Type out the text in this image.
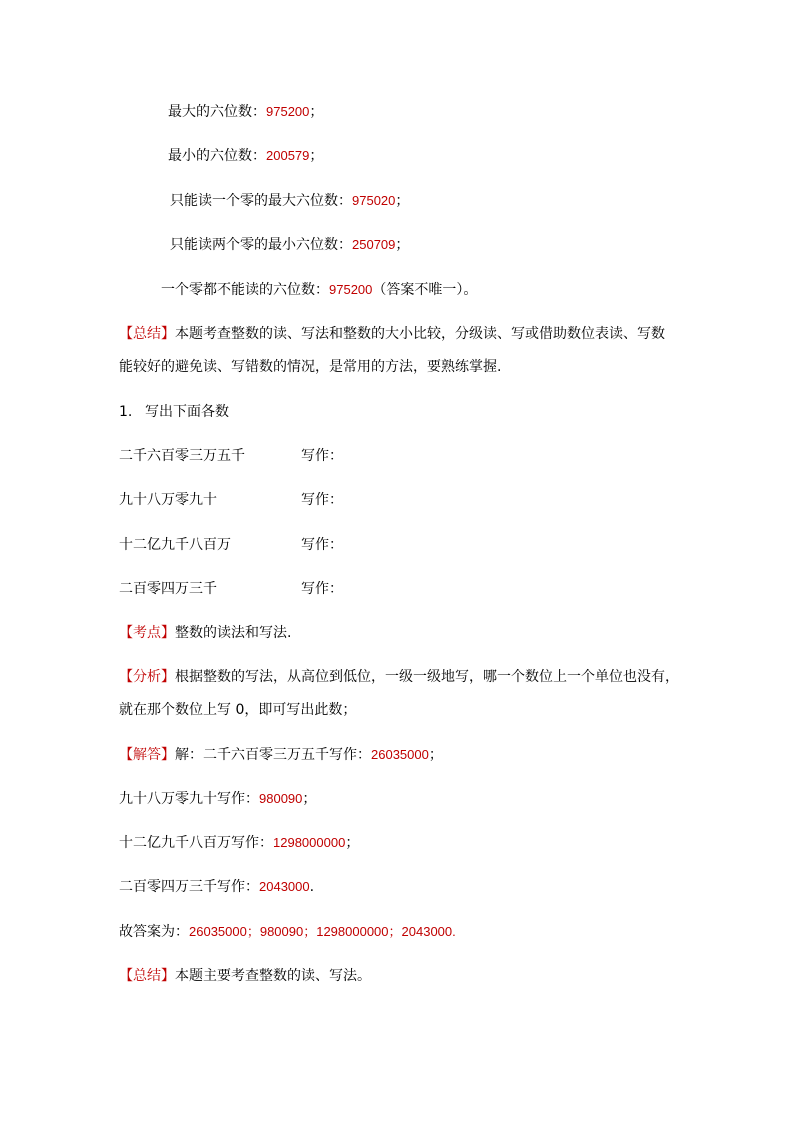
最大的六位数：975200；
最小的六位数：200579；
只能读一个零的最大六位数：975020；
只能读两个零的最小六位数：250709；
一个零都不能读的六位数：975200（答案不唯一）。
【总结】本题考查整数的读、写法和整数的大小比较，分级读、写或借助数位表读、写数
能较好的避免读、写错数的情况，是常用的方法，要熟练掌握.
1. 写出下面各数
二千六百零三万五千	写作：
九十八万零九十	写作：
十二亿九千八百万	写作：
二百零四万三千	写作：
【考点】整数的读法和写法.
【分析】根据整数的写法，从高位到低位，一级一级地写，哪一个数位上一个单位也没有，
就在那个数位上写 0，即可写出此数；
【解答】解：二千六百零三万五千写作：26035000；
九十八万零九十写作：980090；
十二亿九千八百万写作：1298000000；
二百零四万三千写作：2043000.
故答案为：26035000；980090；1298000000；2043000.
【总结】本题主要考查整数的读、写法。
